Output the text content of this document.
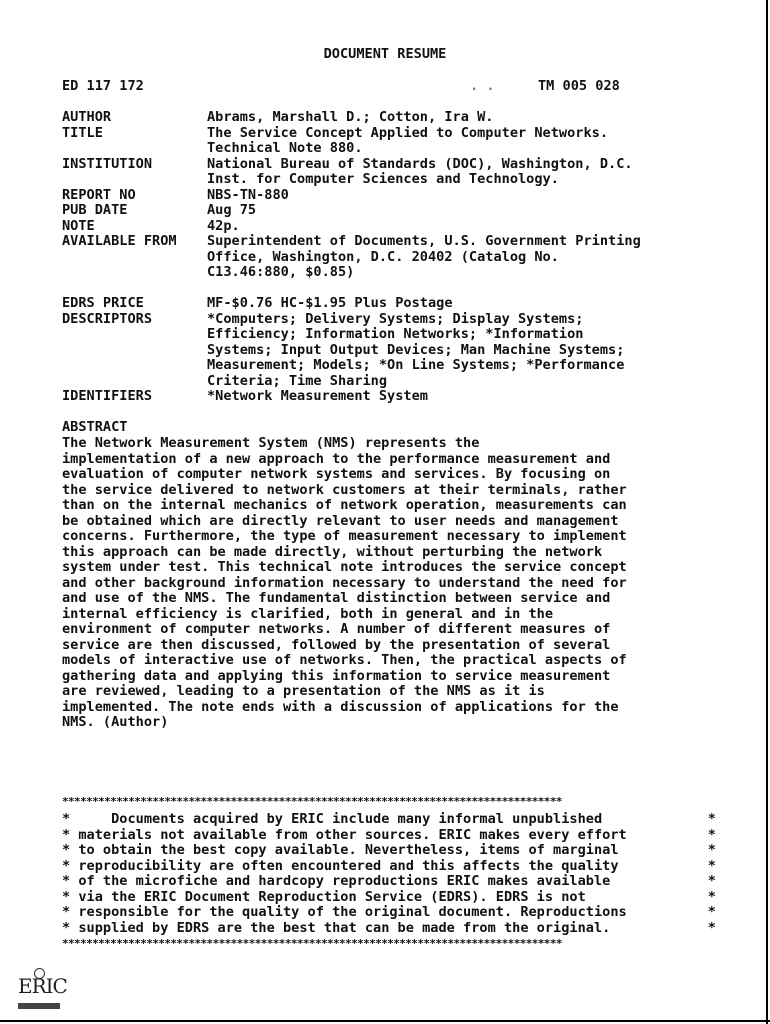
DOCUMENT RESUME
ED 117 172	. .	TM 005 028
AUTHOR	Abrams, Marshall D.; Cotton, Ira W.
TITLE	The Service Concept Applied to Computer Networks.
Technical Note 880.
INSTITUTION	National Bureau of Standards (DOC), Washington, D.C.
Inst. for Computer Sciences and Technology.
REPORT NO	NBS-TN-880
PUB DATE	Aug 75
NOTE	42p.
AVAILABLE FROM	Superintendent of Documents, U.S. Government Printing
Office, Washington, D.C. 20402 (Catalog No.
C13.46:880, $0.85)
EDRS PRICE	MF-$0.76 HC-$1.95 Plus Postage
DESCRIPTORS	*Computers; Delivery Systems; Display Systems;
Efficiency; Information Networks; *Information
Systems; Input Output Devices; Man Machine Systems;
Measurement; Models; *On Line Systems; *Performance
Criteria; Time Sharing
IDENTIFIERS	*Network Measurement System
ABSTRACT
The Network Measurement System (NMS) represents the
implementation of a new approach to the performance measurement and
evaluation of computer network systems and services. By focusing on
the service delivered to network customers at their terminals, rather
than on the internal mechanics of network operation, measurements can
be obtained which are directly relevant to user needs and management
concerns. Furthermore, the type of measurement necessary to implement
this approach can be made directly, without perturbing the network
system under test. This technical note introduces the service concept
and other background information necessary to understand the need for
and use of the NMS. The fundamental distinction between service and
internal efficiency is clarified, both in general and in the
environment of computer networks. A number of different measures of
service are then discussed, followed by the presentation of several
models of interactive use of networks. Then, the practical aspects of
gathering data and applying this information to service measurement
are reviewed, leading to a presentation of the NMS as it is
implemented. The note ends with a discussion of applications for the
NMS. (Author)
***********************************************************************************
* Documents acquired by ERIC include many informal unpublished	*
* materials not available from other sources. ERIC makes every effort	*
* to obtain the best copy available. Nevertheless, items of marginal	*
* reproducibility are often encountered and this affects the quality	*
* of the microfiche and hardcopy reproductions ERIC makes available	*
* via the ERIC Document Reproduction Service (EDRS). EDRS is not	*
* responsible for the quality of the original document. Reproductions	*
* supplied by EDRS are the best that can be made from the original.	*
***********************************************************************************
ERIC
